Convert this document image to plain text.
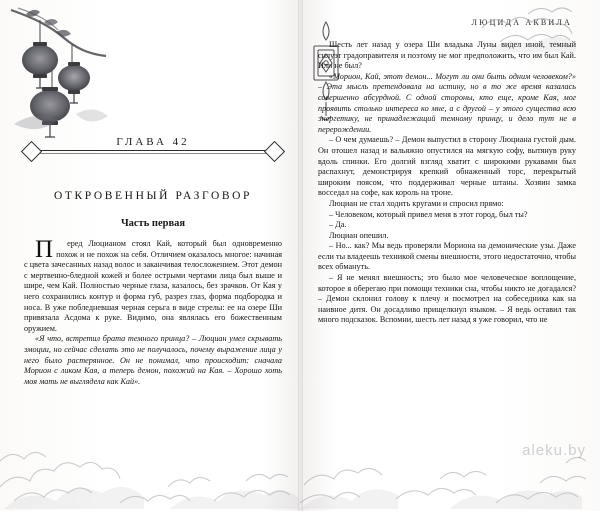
ГЛАВА 42
ОТКРОВЕННЫЙ РАЗГОВОР
Часть первая

Перед Люцианом стоял Кай, который был одновременно похож и не похож на себя. Отличием оказалось многое: начиная с цвета зачесанных назад волос и заканчивая телосложением. Этот демон с мертвенно-бледной кожей и более острыми чертами лица был выше и шире, чем Кай. Полностью черные глаза, казалось, без зрачков. От Кая у него сохранились контур и форма губ, разрез глаз, форма подбородка и носа. В уже побледневшая черная серьга в виде стрелы: ее на озере Ши привязала Асдома к руке. Видимо, она являлась его божественным оружием.

«Я что, встретил брата темного принца? – Люциан умел скрывать эмоции, но сейчас сделать это не получалось, почему выражение лица у него было растерянное. Он не понимал, что происходит: сначала Морион с ликом Кая, а теперь демон, похожий на Кая. – Хорошо хоть моя мать не выглядела как Кай».

ЛЮЦИДА АКВИЛА

Шесть лет назад у озера Ши владыка Луны видел иной, темный силуэт градоправителя и поэтому не мог предположить, что им был Кай. Или не был?

«Морион, Кай, этот демон... Могут ли они быть одним человеком?» – Эта мысль претендовала на истину, но в то же время казалась совершенно абсурдной. С одной стороны, кто еще, кроме Кая, мог проявить столько интереса ко мне, а с другой – у этого существа всю энергетику, не принадлежащий темному принцу, и дело тут не в перерождении.

– О чем думаешь? – Демон выпустил в сторону Люциана густой дым. Он отошел назад и вальяжно опустился на мягкую софу, вытянув руку вдоль спинки. Его долгий взгляд хватит с широкими рукавами был распахнут, демонстрируя крепкий обнаженный торс, перекрытый широким поясом, что поддерживал черные штаны. Хозяин замка восседал на софе, как король на троне.

Люциан не стал ходить кругами и спросил прямо:

– Человеком, который привел меня в этот город, был ты?

– Да.

Люциан опешил.

– Но... как? Мы ведь проверяли Мориона на демонические узы. Даже если ты владеешь техникой смены внешности, этого недостаточно, чтобы всех обмануть.

– Я не менял внешность; это было мое человеческое воплощение, которое я оберегаю при помощи техники сна, чтобы никто не догадался? – Демон склонил голову к плечу и посмотрел на собеседника как на наивное дитя. Он досадливо прищелкнул языком. – Я ведь оставил так много подсказок. Вспомни, шесть лет назад я уже говорил, что не

aleku.by
